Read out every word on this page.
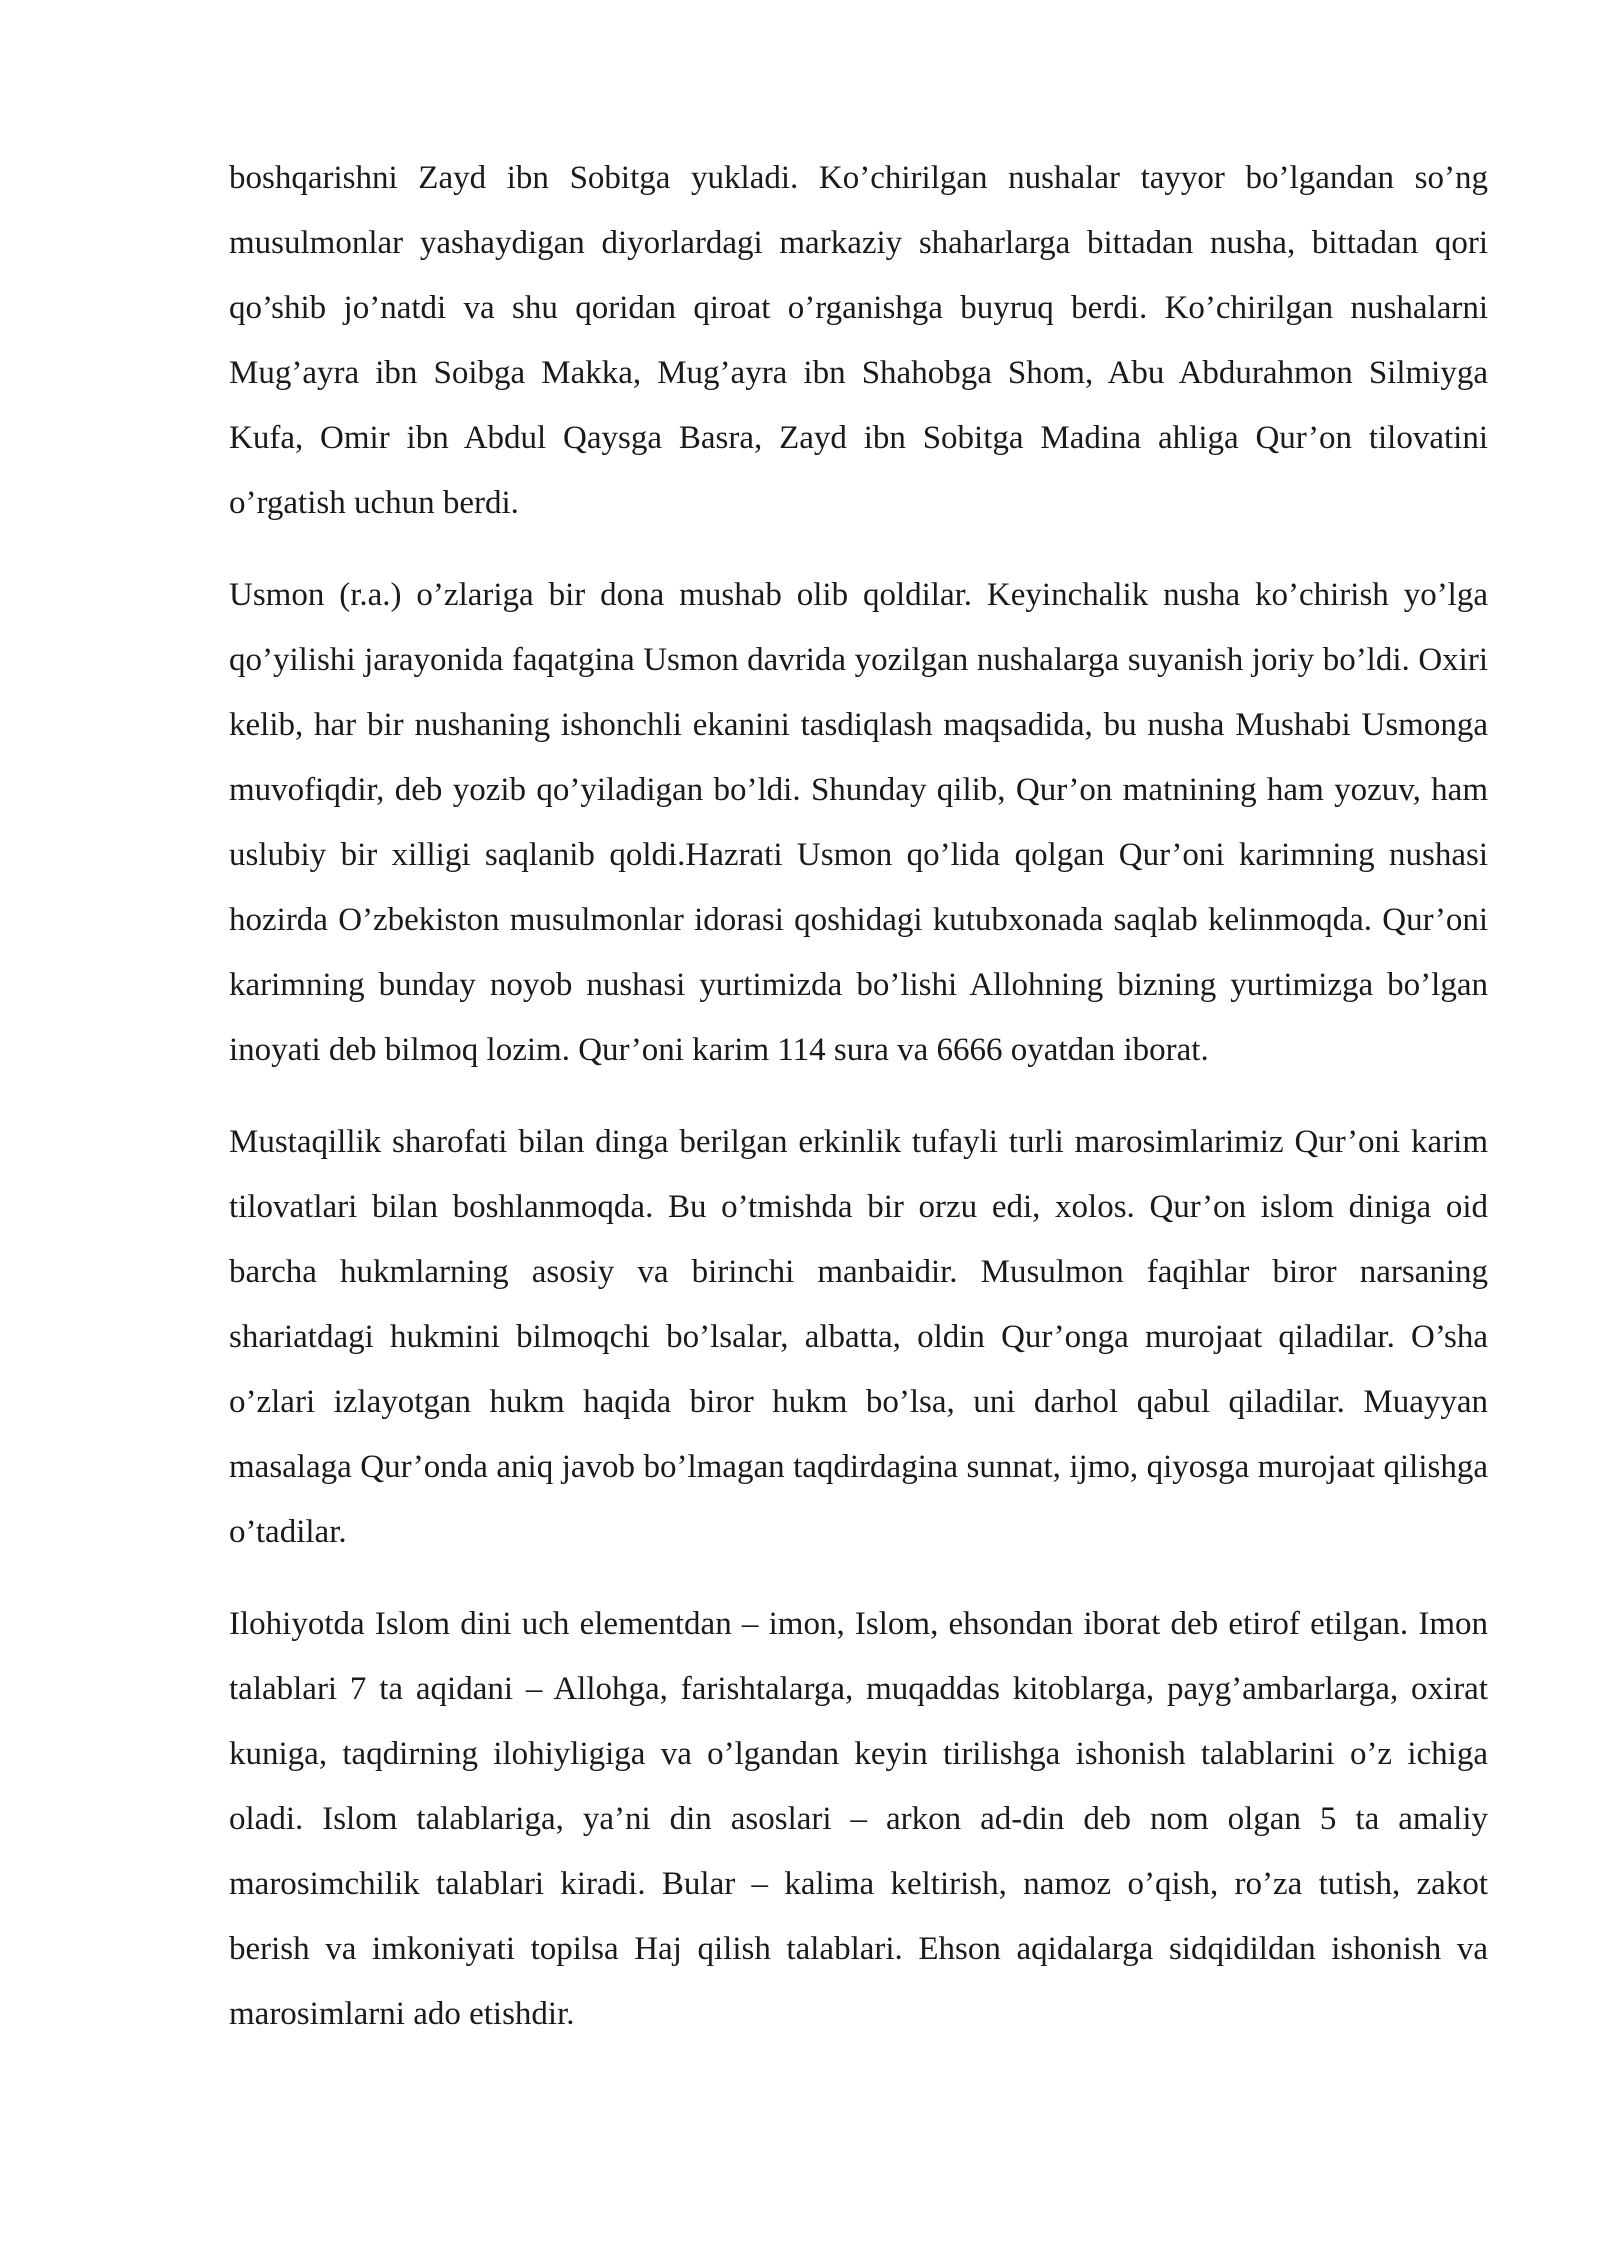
boshqarishni Zayd ibn Sobitga yukladi. Ko’chirilgan nushalar tayyor bo’lgandan so’ng musulmonlar yashaydigan diyorlardagi markaziy shaharlarga bittadan nusha, bittadan qori qo’shib jo’natdi va shu qoridan qiroat o’rganishga buyruq berdi. Ko’chirilgan nushalarni Mug’ayra ibn Soibga Makka, Mug’ayra ibn Shahobga Shom, Abu Abdurahmon Silmiyga Kufa, Omir ibn Abdul Qaysga Basra, Zayd ibn Sobitga Madina ahliga Qur’on tilovatini o’rgatish uchun berdi.

Usmon (r.a.) o’zlariga bir dona mushab olib qoldilar. Keyinchalik nusha ko’chirish yo’lga qo’yilishi jarayonida faqatgina Usmon davrida yozilgan nushalarga suyanish joriy bo’ldi. Oxiri kelib, har bir nushaning ishonchli ekanini tasdiqlash maqsadida, bu nusha Mushabi Usmonga muvofiqdir, deb yozib qo’yiladigan bo’ldi. Shunday qilib, Qur’on matnining ham yozuv, ham uslubiy bir xilligi saqlanib qoldi.Hazrati Usmon qo’lida qolgan Qur’oni karimning nushasi hozirda O’zbekiston musulmonlar idorasi qoshidagi kutubxonada saqlab kelinmoqda. Qur’oni karimning bunday noyob nushasi yurtimizda bo’lishi Allohning bizning yurtimizga bo’lgan inoyati deb bilmoq lozim. Qur’oni karim 114 sura va 6666 oyatdan iborat.

Mustaqillik sharofati bilan dinga berilgan erkinlik tufayli turli marosimlarimiz Qur’oni karim tilovatlari bilan boshlanmoqda. Bu o’tmishda bir orzu edi, xolos. Qur’on islom diniga oid barcha hukmlarning asosiy va birinchi manbaidir. Musulmon faqihlar biror narsaning shariatdagi hukmini bilmoqchi bo’lsalar, albatta, oldin Qur’onga murojaat qiladilar. O’sha o’zlari izlayotgan hukm haqida biror hukm bo’lsa, uni darhol qabul qiladilar. Muayyan masalaga Qur’onda aniq javob bo’lmagan taqdirdagina sunnat, ijmo, qiyosga murojaat qilishga o’tadilar.

Ilohiyotda Islom dini uch elementdan – imon, Islom, ehsondan iborat deb etirof etilgan. Imon talablari 7 ta aqidani – Allohga, farishtalarga, muqaddas kitoblarga, payg’ambarlarga, oxirat kuniga, taqdirning ilohiyligiga va o’lgandan keyin tirilishga ishonish talablarini o’z ichiga oladi. Islom talablariga, ya’ni din asoslari – arkon ad-din deb nom olgan 5 ta amaliy marosimchilik talablari kiradi. Bular – kalima keltirish, namoz o’qish, ro’za tutish, zakot berish va imkoniyati topilsa Haj qilish talablari. Ehson aqidalarga sidqidildan ishonish va marosimlarni ado etishdir.
